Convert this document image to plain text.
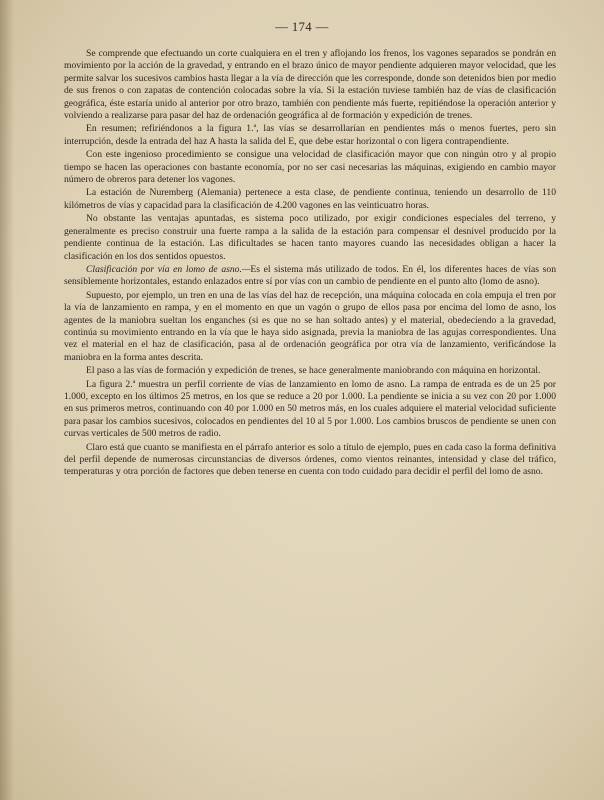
— 174 —

Se comprende que efectuando un corte cualquiera en el tren y aflojando los frenos, los vagones separados se pondrán en movimiento por la acción de la gravedad, y entrando en el brazo único de mayor pendiente adquieren mayor velocidad, que les permite salvar los sucesivos cambios hasta llegar a la vía de dirección que les corresponde, donde son detenidos bien por medio de sus frenos o con zapatas de contención colocadas sobre la vía. Si la estación tuviese también haz de vías de clasificación geográfica, éste estaría unido al anterior por otro brazo, también con pendiente más fuerte, repitiéndose la operación anterior y volviendo a realizarse para pasar del haz de ordenación geográfica al de formación y expedición de trenes.

En resumen; refiriéndonos a la figura 1.ª, las vías se desarrollarían en pendientes más o menos fuertes, pero sin interrupción, desde la entrada del haz A hasta la salida del E, que debe estar horizontal o con ligera contrapendiente.

Con este ingenioso procedimiento se consigue una velocidad de clasificación mayor que con ningún otro y al propio tiempo se hacen las operaciones con bastante economía, por no ser casi necesarias las máquinas, exigiendo en cambio mayor número de obreros para detener los vagones.

La estación de Nuremberg (Alemania) pertenece a esta clase, de pendiente continua, teniendo un desarrollo de 110 kilómetros de vías y capacidad para la clasificación de 4.200 vagones en las veinticuatro horas.

No obstante las ventajas apuntadas, es sistema poco utilizado, por exigir condiciones especiales del terreno, y generalmente es preciso construir una fuerte rampa a la salida de la estación para compensar el desnivel producido por la pendiente continua de la estación. Las dificultades se hacen tanto mayores cuando las necesidades obligan a hacer la clasificación en los dos sentidos opuestos.

Clasificación por vía en lomo de asno.—Es el sistema más utilizado de todos. En él, los diferentes haces de vías son sensiblemente horizontales, estando enlazados entre sí por vías con un cambio de pendiente en el punto alto (lomo de asno).

Supuesto, por ejemplo, un tren en una de las vías del haz de recepción, una máquina colocada en cola empuja el tren por la vía de lanzamiento en rampa, y en el momento en que un vagón o grupo de ellos pasa por encima del lomo de asno, los agentes de la maniobra sueltan los enganches (si es que no se han soltado antes) y el material, obedeciendo a la gravedad, continúa su movimiento entrando en la vía que le haya sido asignada, previa la maniobra de las agujas correspondientes. Una vez el material en el haz de clasificación, pasa al de ordenación geográfica por otra vía de lanzamiento, verificándose la maniobra en la forma antes descrita.

El paso a las vías de formación y expedición de trenes, se hace generalmente maniobrando con máquina en horizontal.

La figura 2.ª muestra un perfil corriente de vías de lanzamiento en lomo de asno. La rampa de entrada es de un 25 por 1.000, excepto en los últimos 25 metros, en los que se reduce a 20 por 1.000. La pendiente se inicia a su vez con 20 por 1.000 en sus primeros metros, continuando con 40 por 1.000 en 50 metros más, en los cuales adquiere el material velocidad suficiente para pasar los cambios sucesivos, colocados en pendientes del 10 al 5 por 1.000. Los cambios bruscos de pendiente se unen con curvas verticales de 500 metros de radio.

Claro está que cuanto se manifiesta en el párrafo anterior es solo a título de ejemplo, pues en cada caso la forma definitiva del perfil depende de numerosas circunstancias de diversos órdenes, como vientos reinantes, intensidad y clase del tráfico, temperaturas y otra porción de factores que deben tenerse en cuenta con todo cuidado para decidir el perfil del lomo de asno.
